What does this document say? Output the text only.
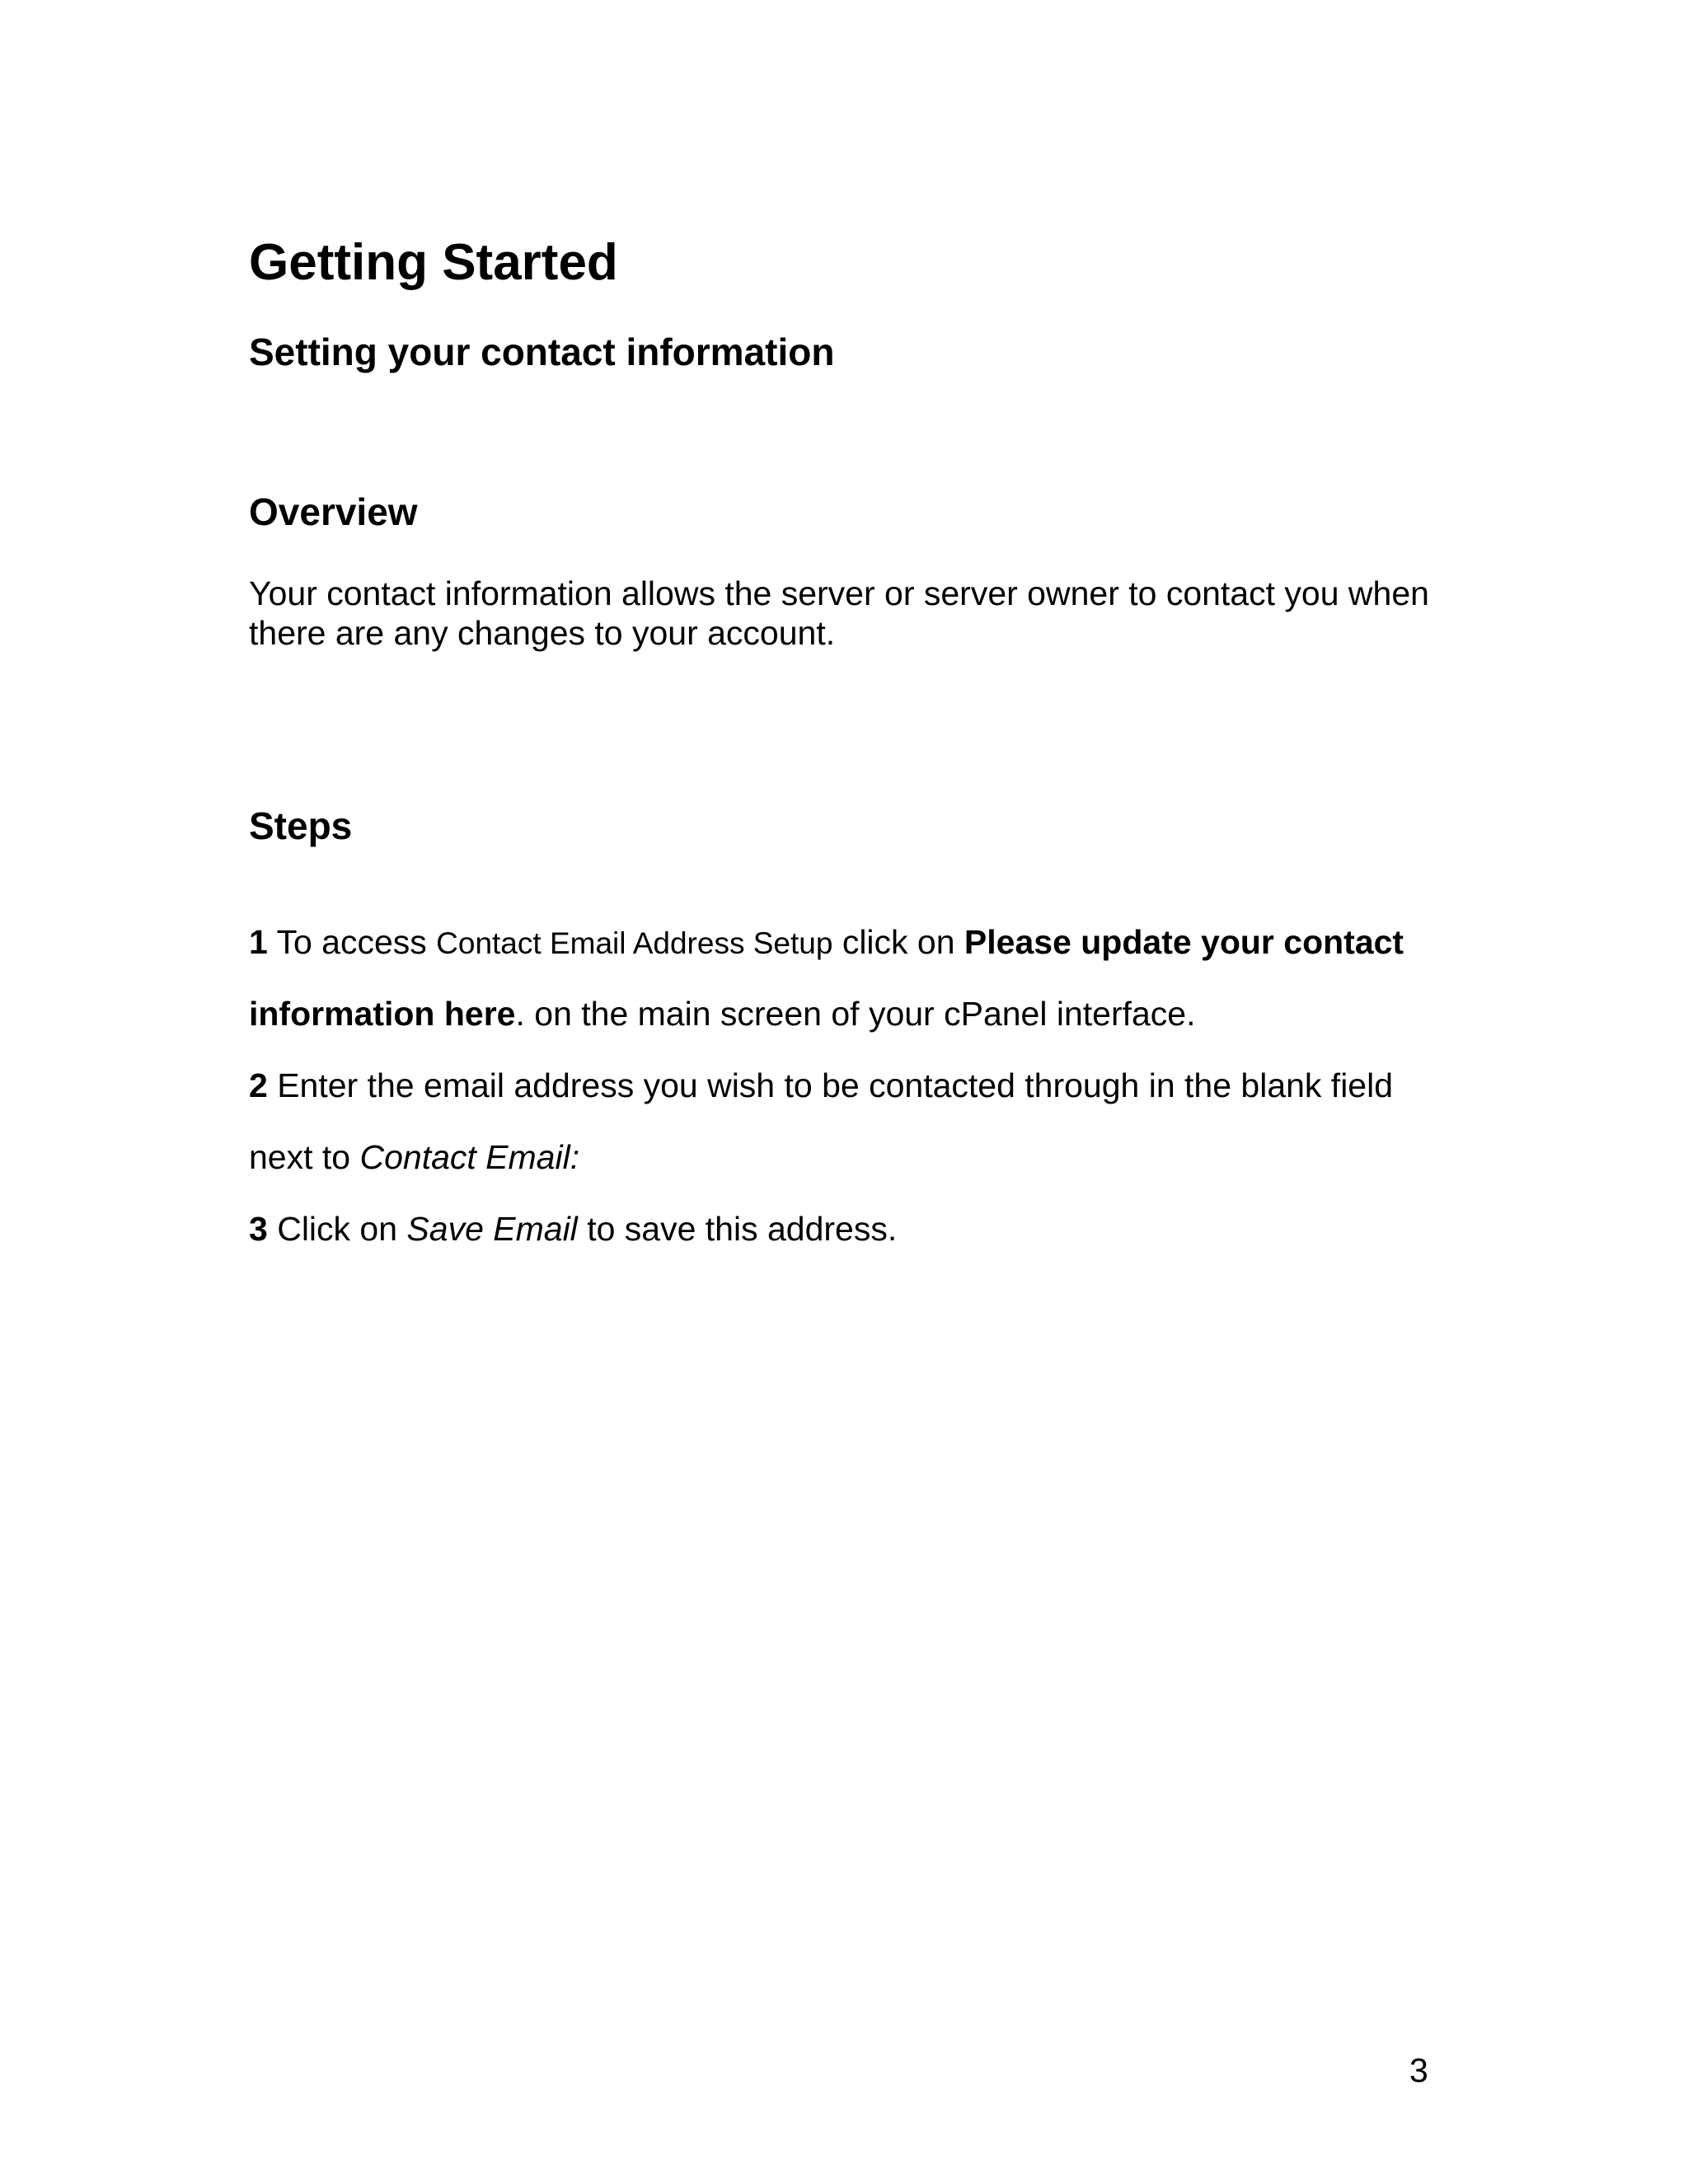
Getting Started
Setting your contact information
Overview

Your contact information allows the server or server owner to contact you when there are any changes to your account.

Steps

1 To access Contact Email Address Setup click on Please update your contact

information here. on the main screen of your cPanel interface.

2 Enter the email address you wish to be contacted through in the blank field

next to Contact Email:

3 Click on Save Email to save this address.

3
